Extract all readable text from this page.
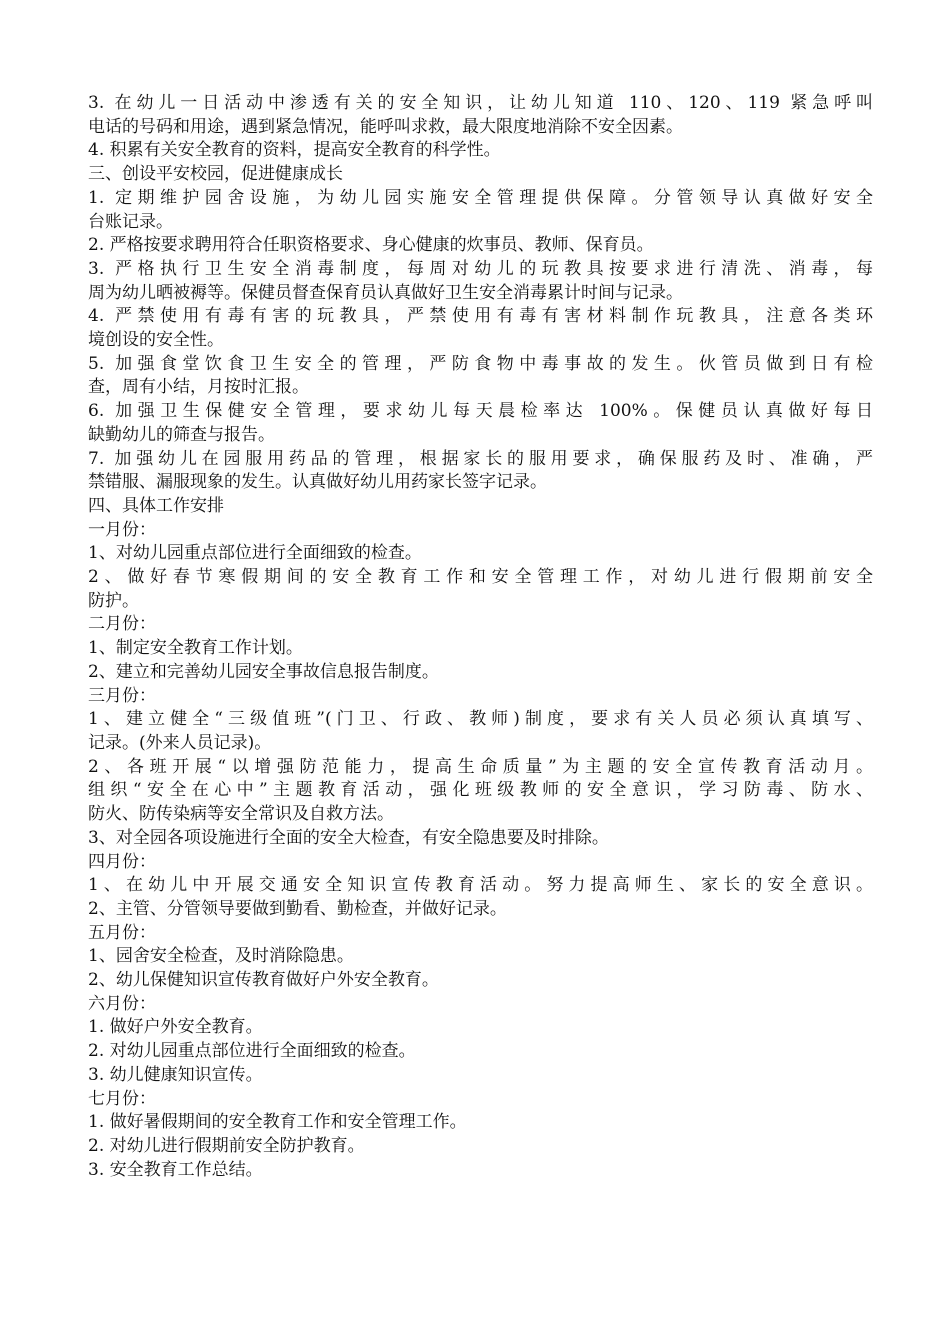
3. 在幼儿一日活动中渗透有关的安全知识，让幼儿知道 110、120、119 紧急呼叫

电话的号码和用途，遇到紧急情况，能呼叫求救，最大限度地消除不安全因素。

4. 积累有关安全教育的资料，提高安全教育的科学性。

三、创设平安校园，促进健康成长

1. 定期维护园舍设施，为幼儿园实施安全管理提供保障。分管领导认真做好安全

台账记录。

2. 严格按要求聘用符合任职资格要求、身心健康的炊事员、教师、保育员。

3. 严格执行卫生安全消毒制度，每周对幼儿的玩教具按要求进行清洗、消毒，每

周为幼儿晒被褥等。保健员督查保育员认真做好卫生安全消毒累计时间与记录。

4. 严禁使用有毒有害的玩教具，严禁使用有毒有害材料制作玩教具，注意各类环

境创设的安全性。

5. 加强食堂饮食卫生安全的管理，严防食物中毒事故的发生。伙管员做到日有检

查，周有小结，月按时汇报。

6. 加强卫生保健安全管理，要求幼儿每天晨检率达 100%。保健员认真做好每日

缺勤幼儿的筛查与报告。

7. 加强幼儿在园服用药品的管理，根据家长的服用要求，确保服药及时、准确，严

禁错服、漏服现象的发生。认真做好幼儿用药家长签字记录。

四、具体工作安排

一月份：

1、对幼儿园重点部位进行全面细致的检查。

2、做好春节寒假期间的安全教育工作和安全管理工作，对幼儿进行假期前安全

防护。

二月份：

1、制定安全教育工作计划。

2、建立和完善幼儿园安全事故信息报告制度。

三月份：

1、建立健全“三级值班”(门卫、行政、教师)制度，要求有关人员必须认真填写、

记录。(外来人员记录)。

2、各班开展“以增强防范能力，提高生命质量”为主题的安全宣传教育活动月。

组织“安全在心中”主题教育活动，强化班级教师的安全意识，学习防毒、防水、

防火、防传染病等安全常识及自救方法。

3、对全园各项设施进行全面的安全大检查，有安全隐患要及时排除。

四月份：

1、在幼儿中开展交通安全知识宣传教育活动。努力提高师生、家长的安全意识。

2、主管、分管领导要做到勤看、勤检查，并做好记录。

五月份：

1、园舍安全检查，及时消除隐患。

2、幼儿保健知识宣传教育做好户外安全教育。

六月份：

1. 做好户外安全教育。

2. 对幼儿园重点部位进行全面细致的检查。

3. 幼儿健康知识宣传。

七月份：

1. 做好暑假期间的安全教育工作和安全管理工作。

2. 对幼儿进行假期前安全防护教育。

3. 安全教育工作总结。
